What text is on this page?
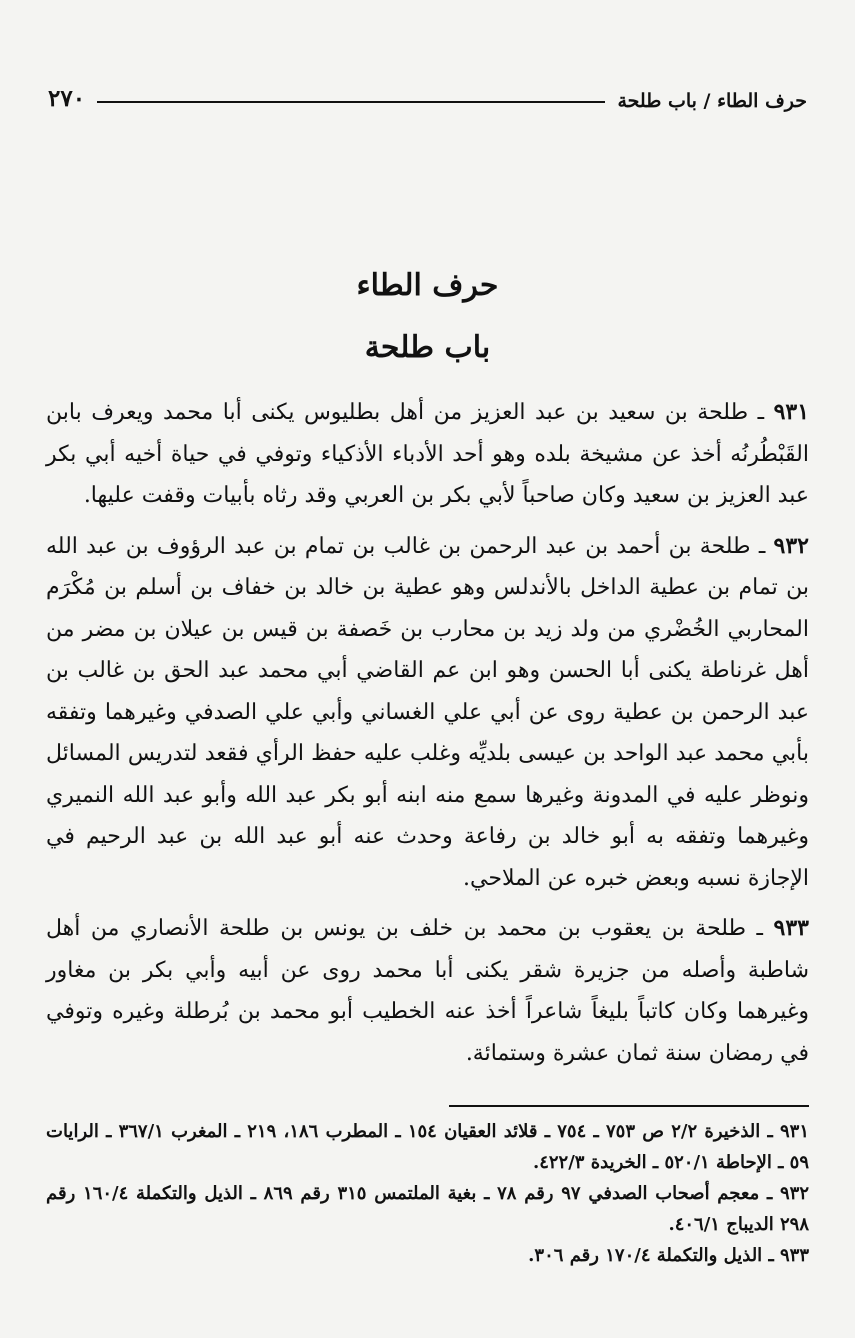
حرف الطاء / باب طلحة
٢٧٠
حرف الطاء
باب طلحة

٩٣١ ـ طلحة بن سعيد بن عبد العزيز من أهل بطليوس يكنى أبا محمد ويعرف بابن القَبْطُرنُه أخذ عن مشيخة بلده وهو أحد الأدباء الأذكياء وتوفي في حياة أخيه أبي بكر عبد العزيز بن سعيد وكان صاحباً لأبي بكر بن العربي وقد رثاه بأبيات وقفت عليها.

٩٣٢ ـ طلحة بن أحمد بن عبد الرحمن بن غالب بن تمام بن عبد الرؤوف بن عبد الله بن تمام بن عطية الداخل بالأندلس وهو عطية بن خالد بن خفاف بن أسلم بن مُكْرَم المحاربي الخُضْري من ولد زيد بن محارب بن خَصفة بن قيس بن عيلان بن مضر من أهل غرناطة يكنى أبا الحسن وهو ابن عم القاضي أبي محمد عبد الحق بن غالب بن عبد الرحمن بن عطية روى عن أبي علي الغساني وأبي علي الصدفي وغيرهما وتفقه بأبي محمد عبد الواحد بن عيسى بلديِّه وغلب عليه حفظ الرأي فقعد لتدريس المسائل ونوظر عليه في المدونة وغيرها سمع منه ابنه أبو بكر عبد الله وأبو عبد الله النميري وغيرهما وتفقه به أبو خالد بن رفاعة وحدث عنه أبو عبد الله بن عبد الرحيم في الإجازة نسبه وبعض خبره عن الملاحي.

٩٣٣ ـ طلحة بن يعقوب بن محمد بن خلف بن يونس بن طلحة الأنصاري من أهل شاطبة وأصله من جزيرة شقر يكنى أبا محمد روى عن أبيه وأبي بكر بن مغاور وغيرهما وكان كاتباً بليغاً شاعراً أخذ عنه الخطيب أبو محمد بن بُرطلة وغيره وتوفي في رمضان سنة ثمان عشرة وستمائة.

٩٣١ ـ الذخيرة ٢/٢ ص ٧٥٣ ـ ٧٥٤ ـ قلائد العقيان ١٥٤ ـ المطرب ١٨٦، ٢١٩ ـ المغرب ٣٦٧/١ ـ الرايات ٥٩ ـ الإحاطة ٥٢٠/١ ـ الخريدة ٤٢٢/٣.

٩٣٢ ـ معجم أصحاب الصدفي ٩٧ رقم ٧٨ ـ بغية الملتمس ٣١٥ رقم ٨٦٩ ـ الذيل والتكملة ١٦٠/٤ رقم ٢٩٨ الديباج ٤٠٦/١.

٩٣٣ ـ الذيل والتكملة ١٧٠/٤ رقم ٣٠٦.
